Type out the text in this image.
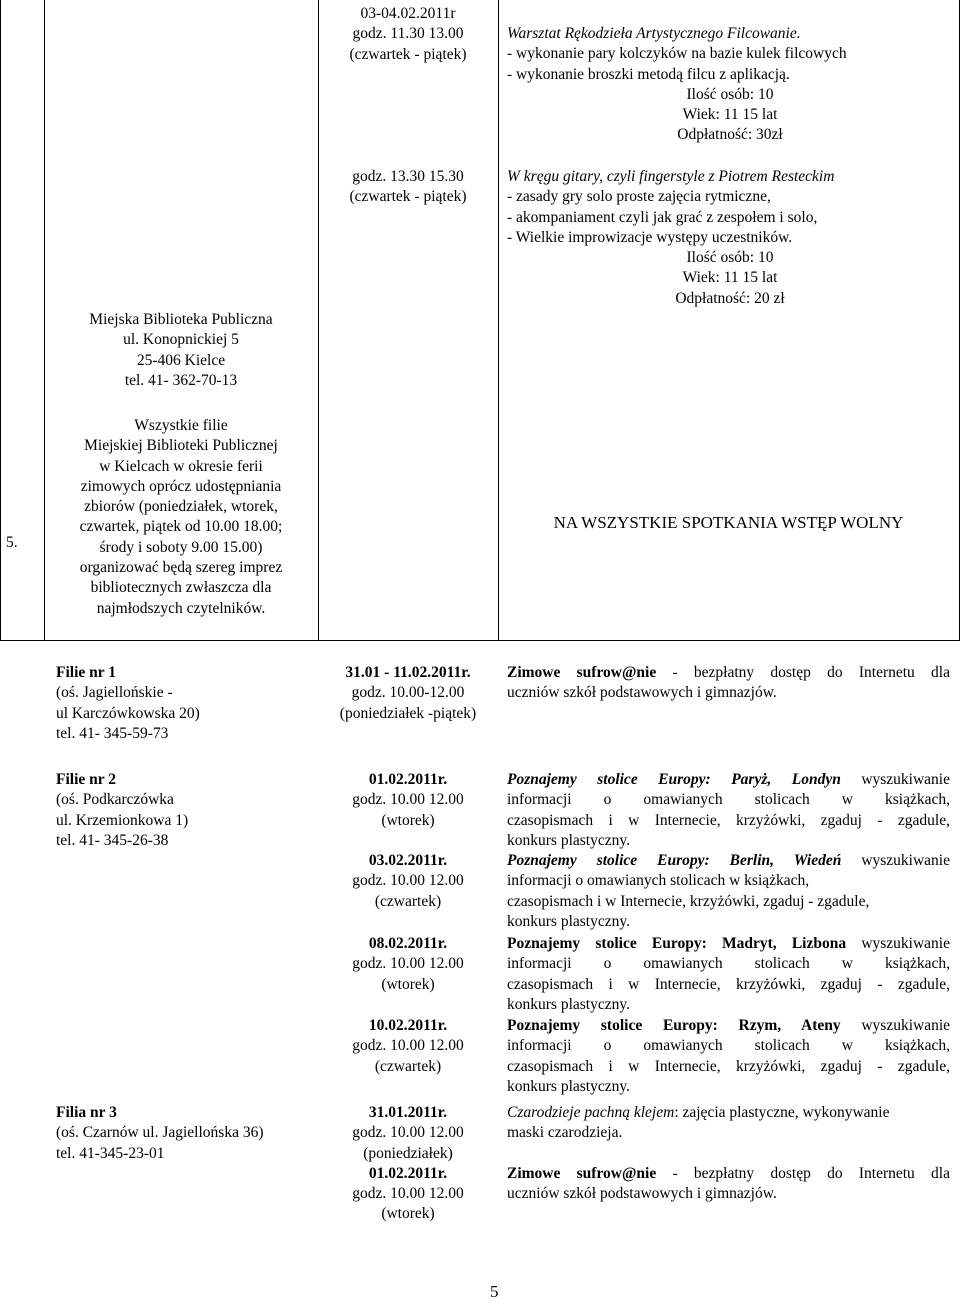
5.
Miejska Biblioteka Publiczna
ul. Konopnickiej 5
25-406 Kielce
tel. 41- 362-70-13
Wszystkie filie
Miejskiej Biblioteki Publicznej
w Kielcach w okresie ferii
zimowych oprócz udostępniania
zbiorów (poniedziałek, wtorek,
czwartek, piątek od 10.00 18.00;
środy i soboty 9.00 15.00)
organizować będą szereg imprez
bibliotecznych zwłaszcza dla
najmłodszych czytelników.
03-04.02.2011r
godz. 11.30 13.00
(czwartek - piątek)
godz. 13.30 15.30
(czwartek - piątek)
Warsztat Rękodzieła Artystycznego Filcowanie.
- wykonanie pary kolczyków na bazie kulek filcowych
- wykonanie broszki metodą filcu z aplikacją.
Ilość osób: 10
Wiek: 11 15 lat
Odpłatność: 30zł
W kręgu gitary, czyli fingerstyle z Piotrem Resteckim
- zasady gry solo proste zajęcia rytmiczne,
- akompaniament czyli jak grać z zespołem i solo,
- Wielkie improwizacje występy uczestników.
Ilość osób: 10
Wiek: 11 15 lat
Odpłatność: 20 zł
NA WSZYSTKIE SPOTKANIA WSTĘP WOLNY
Filie nr 1
(oś. Jagiellońskie -
ul Karczówkowska 20)
tel. 41- 345-59-73
31.01 - 11.02.2011r.
godz. 10.00-12.00
(poniedziałek -piątek)
Zimowe sufrow@nie - bezpłatny dostęp do Internetu dla
uczniów szkół podstawowych i gimnazjów.
Filie nr 2
(oś. Podkarczówka
ul. Krzemionkowa 1)
tel. 41- 345-26-38
01.02.2011r.
godz. 10.00 12.00
(wtorek)
03.02.2011r.
godz. 10.00 12.00
(czwartek)
08.02.2011r.
godz. 10.00 12.00
(wtorek)
10.02.2011r.
godz. 10.00 12.00
(czwartek)
Poznajemy stolice Europy: Paryż, Londyn wyszukiwanie
informacji o omawianych stolicach w książkach,
czasopismach i w Internecie, krzyżówki, zgaduj - zgadule,
konkurs plastyczny.
Poznajemy stolice Europy: Berlin, Wiedeń wyszukiwanie
informacji o omawianych stolicach w książkach,
czasopismach i w Internecie, krzyżówki, zgaduj - zgadule,
konkurs plastyczny.
Poznajemy stolice Europy: Madryt, Lizbona wyszukiwanie
informacji o omawianych stolicach w książkach,
czasopismach i w Internecie, krzyżówki, zgaduj - zgadule,
konkurs plastyczny.
Poznajemy stolice Europy: Rzym, Ateny wyszukiwanie
informacji o omawianych stolicach w książkach,
czasopismach i w Internecie, krzyżówki, zgaduj - zgadule,
konkurs plastyczny.
Filia nr 3
(oś. Czarnów ul. Jagiellońska 36)
tel. 41-345-23-01
31.01.2011r.
godz. 10.00 12.00
(poniedziałek)
01.02.2011r.
godz. 10.00 12.00
(wtorek)
Czarodzieje pachną klejem: zajęcia plastyczne, wykonywanie
maski czarodzieja.
Zimowe sufrow@nie - bezpłatny dostęp do Internetu dla
uczniów szkół podstawowych i gimnazjów.
5
